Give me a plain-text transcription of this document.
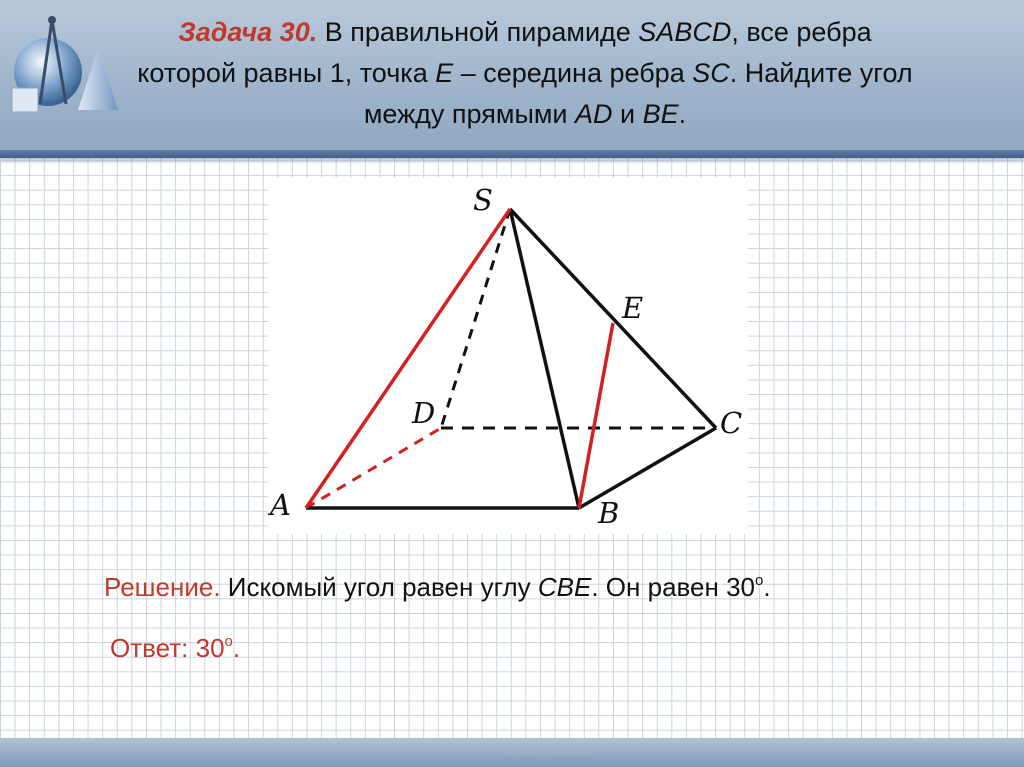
Задача 30. В правильной пирамиде SABCD, все ребра
которой равны 1, точка E – середина ребра SC. Найдите угол
между прямыми AD и BE.
S
A	B
C
D
E
Решение. Искомый угол равен углу CBE. Он равен 30$^o$.
Ответ: 30$^o$.
http://alda.ucoz.ru
